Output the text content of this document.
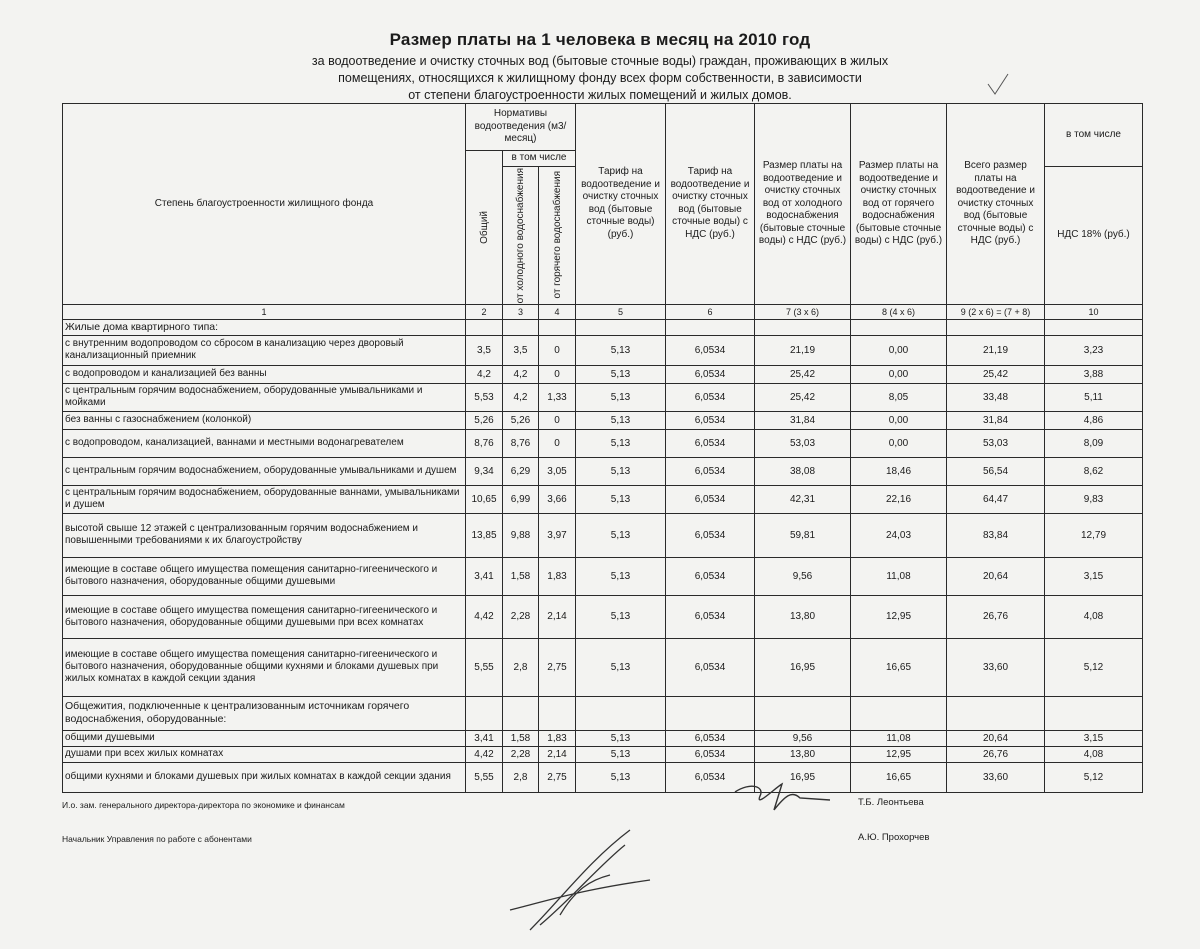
Размер платы на 1 человека в месяц на 2010 год
за водоотведение и очистку сточных вод (бытовые сточные воды) граждан, проживающих в жилых
помещениях, относящихся к жилищному фонду всех форм собственности, в зависимости
от степени благоустроенности жилых помещений и жилых домов.
Степень благоустроенности жилищного фонда	Нормативы водоотведения (м3/месяц)			Тариф на водоотведение и очистку сточных вод (бытовые сточные воды) (руб.)	Тариф на водоотведение и очистку сточных вод (бытовые сточные воды) с НДС (руб.)	Размер платы на водоотведение и очистку сточных вод от холодного водоснабжения (бытовые сточные воды) с НДС (руб.)	Размер платы на водоотведение и очистку сточных вод от горячего водоснабжения (бытовые сточные воды) с НДС (руб.)	Всего размер платы на водоотведение и очистку сточных вод (бытовые сточные воды) с НДС (руб.)	в том числе

	Общий	в том числе							

		от холодного водоснабжения	от горячего водоснабжения						НДС 18% (руб.)
1	2	3	4	5	6	7 (3 x 6)	8 (4 x 6)	9 (2 x 6) = (7 + 8)	10
Жилые дома квартирного типа:									
с внутренним водопроводом со сбросом в канализацию через дворовый канализационный приемник	3,5	3,5	0	5,13	6,0534	21,19	0,00	21,19	3,23
с водопроводом и канализацией без ванны	4,2	4,2	0	5,13	6,0534	25,42	0,00	25,42	3,88
с центральным горячим водоснабжением, оборудованные умывальниками и мойками	5,53	4,2	1,33	5,13	6,0534	25,42	8,05	33,48	5,11
без ванны с газоснабжением (колонкой)	5,26	5,26	0	5,13	6,0534	31,84	0,00	31,84	4,86
с водопроводом, канализацией, ваннами и местными водонагревателем	8,76	8,76	0	5,13	6,0534	53,03	0,00	53,03	8,09
с центральным горячим водоснабжением, оборудованные умывальниками и душем	9,34	6,29	3,05	5,13	6,0534	38,08	18,46	56,54	8,62
с центральным горячим водоснабжением, оборудованные ваннами, умывальниками и душем	10,65	6,99	3,66	5,13	6,0534	42,31	22,16	64,47	9,83
высотой свыше 12 этажей с централизованным горячим водоснабжением и повышенными требованиями к их благоустройству	13,85	9,88	3,97	5,13	6,0534	59,81	24,03	83,84	12,79
имеющие в составе общего имущества помещения санитарно-гигеенического и бытового назначения, оборудованные общими душевыми	3,41	1,58	1,83	5,13	6,0534	9,56	11,08	20,64	3,15
имеющие в составе общего имущества помещения санитарно-гигеенического и бытового назначения, оборудованные общими душевыми при всех комнатах	4,42	2,28	2,14	5,13	6,0534	13,80	12,95	26,76	4,08
имеющие в составе общего имущества помещения санитарно-гигеенического и бытового назначения, оборудованные общими кухнями и блоками душевых при жилых комнатах в каждой секции здания	5,55	2,8	2,75	5,13	6,0534	16,95	16,65	33,60	5,12
Общежития, подключенные к централизованным источникам горячего водоснабжения, оборудованные:									
общими душевыми	3,41	1,58	1,83	5,13	6,0534	9,56	11,08	20,64	3,15
душами при всех жилых комнатах	4,42	2,28	2,14	5,13	6,0534	13,80	12,95	26,76	4,08
общими кухнями и блоками душевых при жилых комнатах в каждой секции здания	5,55	2,8	2,75	5,13	6,0534	16,95	16,65	33,60	5,12
И.о. зам. генерального директора-директора по экономике и финансам	Т.Б. Леонтьева
Начальник Управления по работе с абонентами	А.Ю. Прохорчев
